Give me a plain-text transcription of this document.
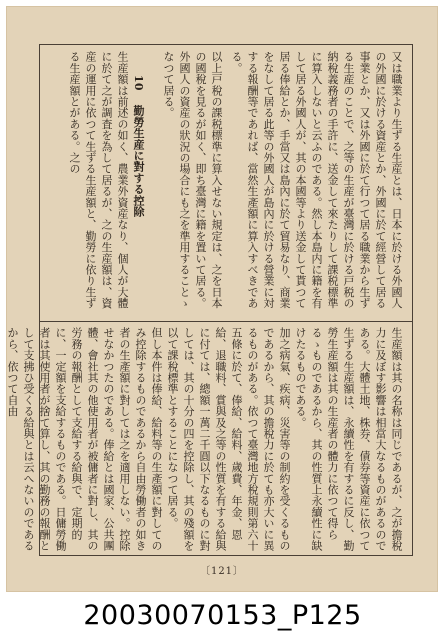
又は職業より生ずる生産とは、日本に於ける外國人の外國に於ける資産とか、外國に於て經營して居る事業とか、又は外國に於て行つて居る職業から生ずる生産のことで、之等の生産が臺灣に於ける戸税の納稅義務者の手許に、送金して來たりして課税標準に算入しないと云ふのである。然し本島内に籍を有して居る外國人が、其の本國等より送金して貰つて居る俸給とか、手當又は島內に於て貿易なり、商業をなして居る此等の外國人が島內に於ける營業に対する報酬等であれば、當然生產額に算入すべきである。

以上戸稅の課税標準に算入せない規定は、之を日本の國稅を見るが如く、即ち臺灣に籍を置いて居る。外國人の資産の狀況の場合にも之を準用することゝなつて居る。

10 勤勞生産に對する控除

生産額は前述の如く、農業外資産なり、個人が大體に於て之が調査を為して居るが、之の生産額は、資産の運用に依つて生ずる生産額と、勤勞に依り生ずる生産額とがある。之の

生産額は其の名称は同じであるが、之が擔稅力に及ぼす影響は相當大なるものがあるのである。大體土地、株券、債券等資産に依つて生ずる生産額は、永續性を有するに反し、勤勞生産額は其の生産者の體力に依つて得らるゝものであるから、其の性質上永續性に缺けたるものである。

加之病氣、疾病、災害等の制約を受くるものであるから、其の擔稅力に於ても亦大いに異るものがある。依つて臺灣地方稅規則第六十五條に於て、俸給、給料、歲費、年金、恩給、退職料、賞與及之等の性質を有する給與に付ては、總額一萬二千圓以下なるものに對しては、其の十分の四を控除し、其の殘額を以て課稅標準とすることになつて居る。

但し本件は俸給、給料等の生產額に對してのみ控除するものであるから自由勞働者の如き者の生產額に對しては之を適用しない。控除せなかつたのである。俸給とは國家、公共團體、會社其の他使用者が被傭者に對し、其の労務の報酬として支給する給與で、定期的に、一定額を支給するものである。日傭勞働者は其使用者が捨て算し、其の勤務の報酬として支拂ひ受くる給與とは云へないのであるから、依つて自由

〔121〕
20030070153_P125
